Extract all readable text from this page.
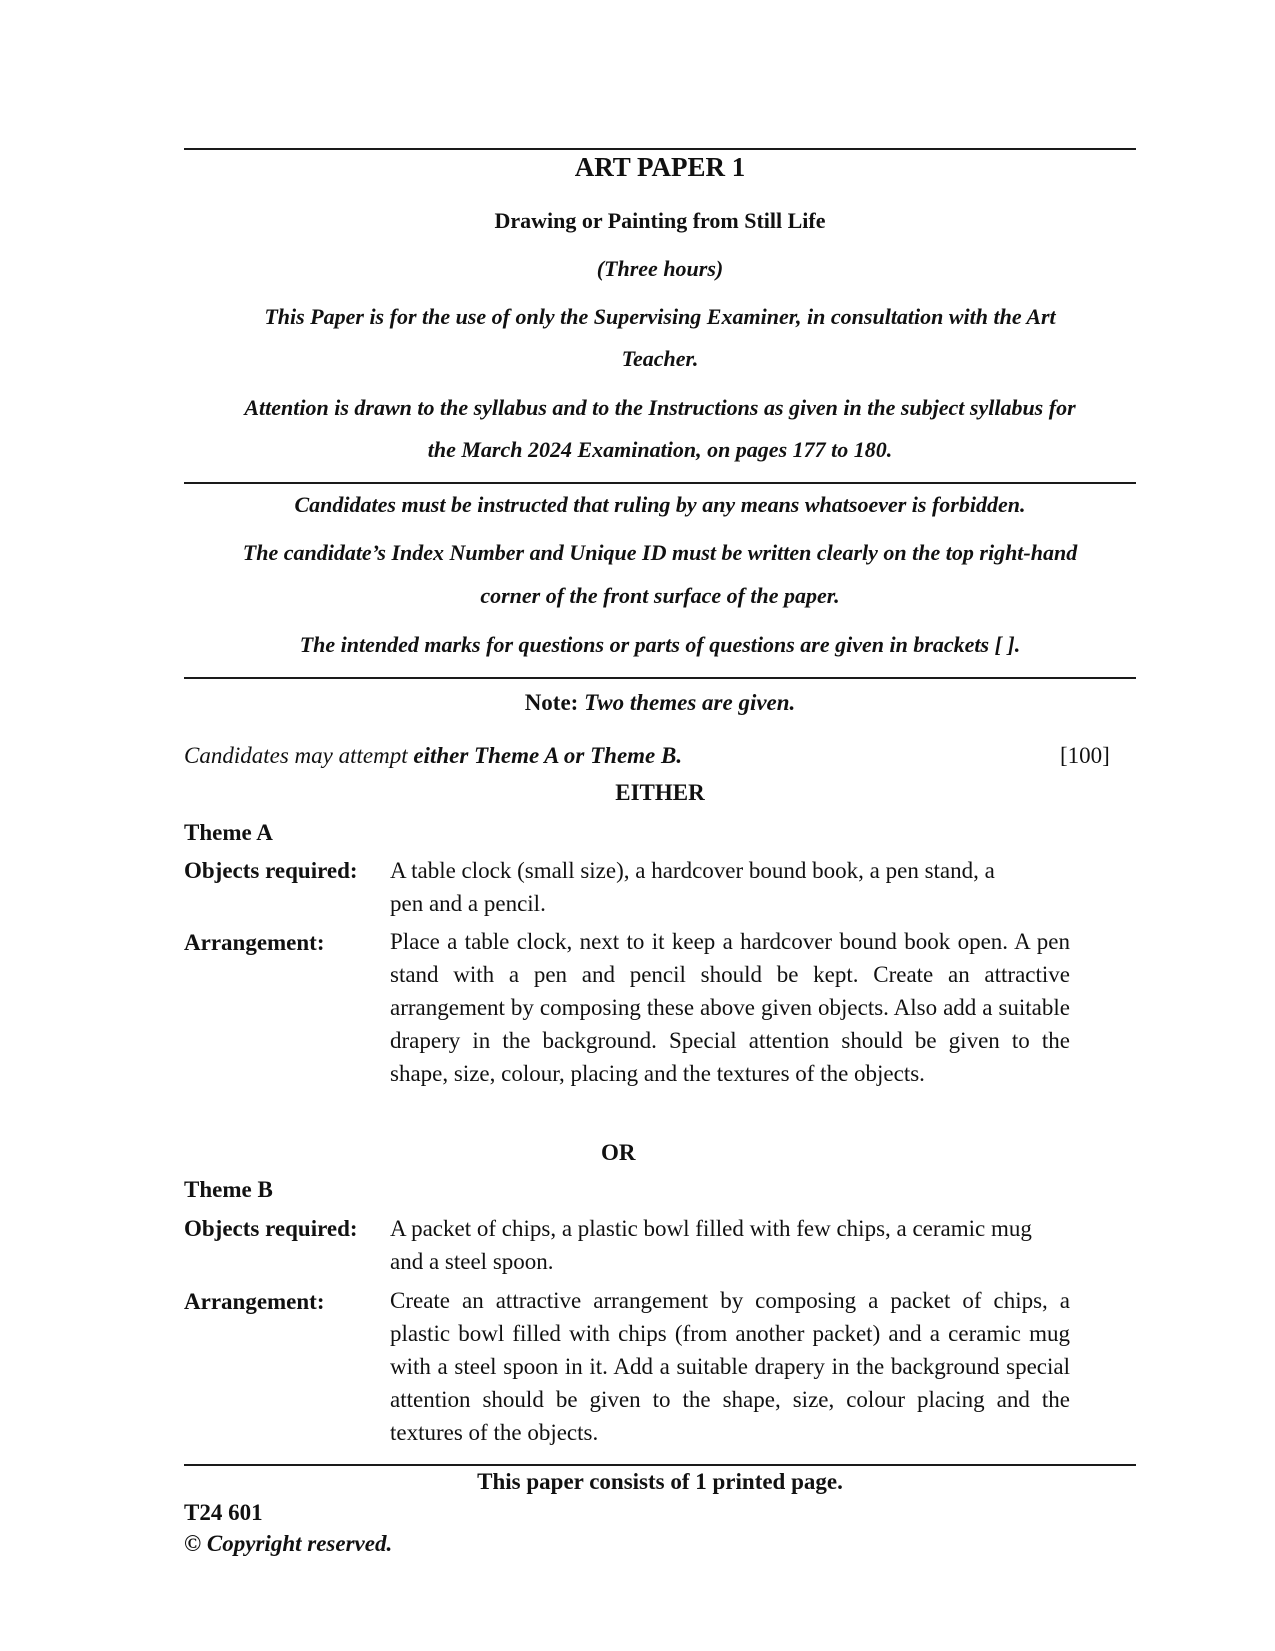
ART PAPER 1
Drawing or Painting from Still Life
(Three hours)
This Paper is for the use of only the Supervising Examiner, in consultation with the Art
Teacher.
Attention is drawn to the syllabus and to the Instructions as given in the subject syllabus for
the March 2024 Examination, on pages 177 to 180.
Candidates must be instructed that ruling by any means whatsoever is forbidden.
The candidate’s Index Number and Unique ID must be written clearly on the top right-hand
corner of the front surface of the paper.
The intended marks for questions or parts of questions are given in brackets [ ].
Note: Two themes are given.
Candidates may attempt either Theme A or Theme B.	[100]
EITHER
Theme A
Objects required: A table clock (small size), a hardcover bound book, a pen stand, a
pen and a pencil.
Arrangement:	Place a table clock, next to it keep a hardcover bound book open. A pen stand with a pen and pencil should be kept. Create an attractive arrangement by composing these above given objects. Also add a suitable drapery in the background. Special attention should be given to the shape, size, colour, placing and the textures of the objects.
OR
Theme B
Objects required: A packet of chips, a plastic bowl filled with few chips, a ceramic mug
and a steel spoon.
Arrangement:	Create an attractive arrangement by composing a packet of chips, a plastic bowl filled with chips (from another packet) and a ceramic mug with a steel spoon in it. Add a suitable drapery in the background special attention should be given to the shape, size, colour placing and the textures of the objects.
This paper consists of 1 printed page.
T24 601
© Copyright reserved.
